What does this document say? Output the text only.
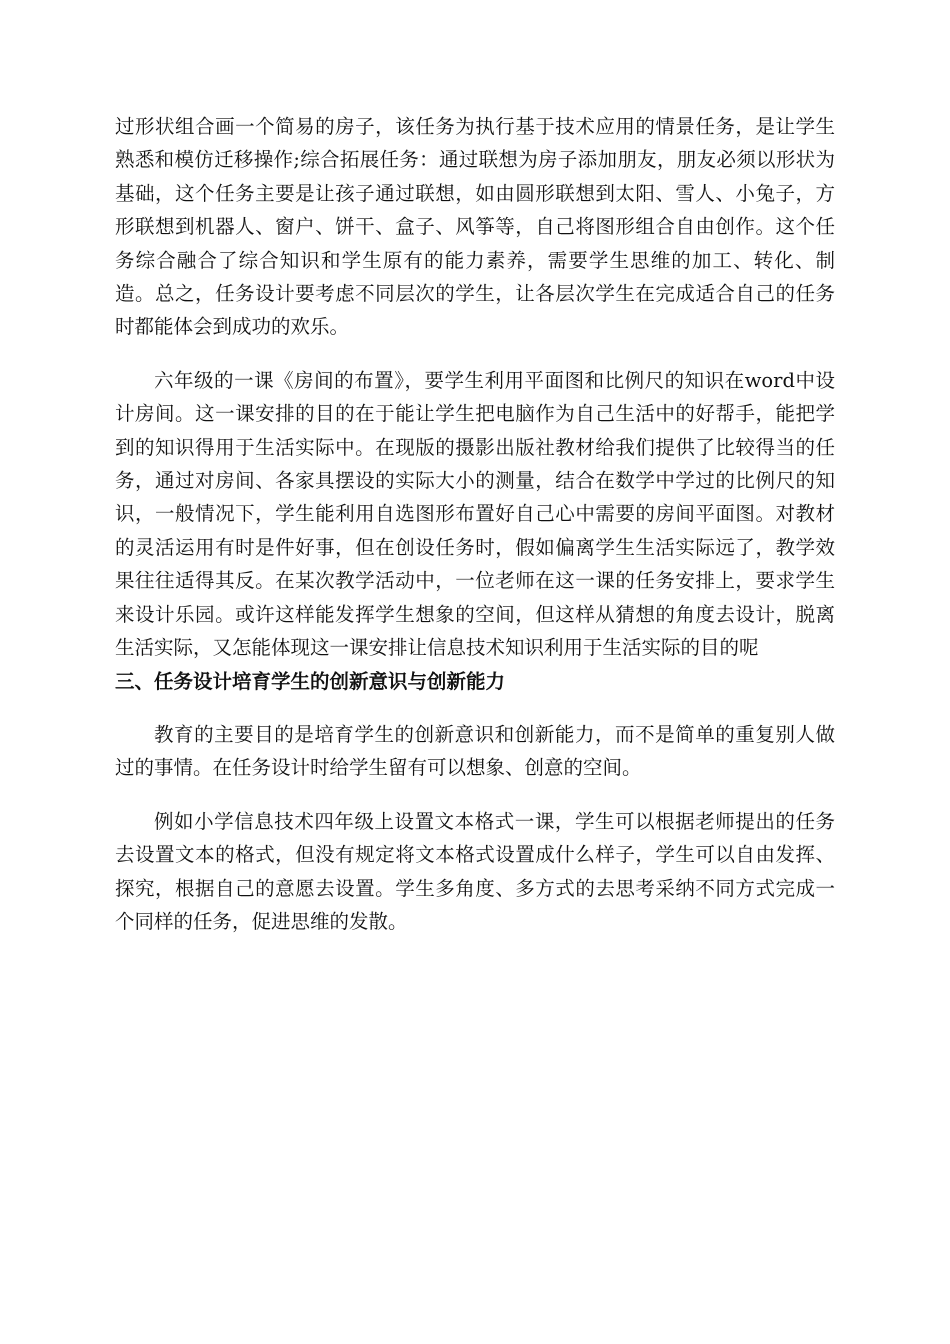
过形状组合画一个简易的房子，该任务为执行基于技术应用的情景任务，是让学生熟悉和模仿迁移操作;综合拓展任务：通过联想为房子添加朋友，朋友必须以形状为基础，这个任务主要是让孩子通过联想，如由圆形联想到太阳、雪人、小兔子，方形联想到机器人、窗户、饼干、盒子、风筝等，自己将图形组合自由创作。这个任务综合融合了综合知识和学生原有的能力素养，需要学生思维的加工、转化、制造。总之，任务设计要考虑不同层次的学生，让各层次学生在完成适合自己的任务时都能体会到成功的欢乐。

六年级的一课《房间的布置》，要学生利用平面图和比例尺的知识在word中设计房间。这一课安排的目的在于能让学生把电脑作为自己生活中的好帮手，能把学到的知识得用于生活实际中。在现版的摄影出版社教材给我们提供了比较得当的任务，通过对房间、各家具摆设的实际大小的测量，结合在数学中学过的比例尺的知识，一般情况下，学生能利用自选图形布置好自己心中需要的房间平面图。对教材的灵活运用有时是件好事，但在创设任务时，假如偏离学生生活实际远了，教学效果往往适得其反。在某次教学活动中，一位老师在这一课的任务安排上，要求学生来设计乐园。或许这样能发挥学生想象的空间，但这样从猜想的角度去设计，脱离生活实际，又怎能体现这一课安排让信息技术知识利用于生活实际的目的呢

三、任务设计培育学生的创新意识与创新能力

教育的主要目的是培育学生的创新意识和创新能力，而不是简单的重复别人做过的事情。在任务设计时给学生留有可以想象、创意的空间。

例如小学信息技术四年级上设置文本格式一课，学生可以根据老师提出的任务去设置文本的格式，但没有规定将文本格式设置成什么样子，学生可以自由发挥、探究，根据自己的意愿去设置。学生多角度、多方式的去思考采纳不同方式完成一个同样的任务，促进思维的发散。
